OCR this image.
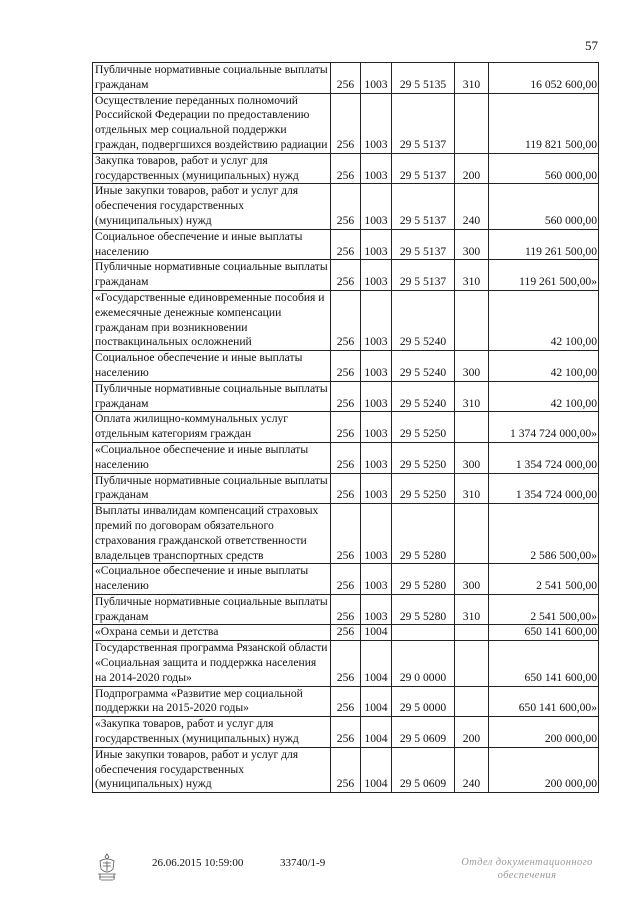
57
Публичные нормативные социальные выплаты гражданам	256	1003	29 5 5135	310	16 052 600,00
Осуществление переданных полномочий Российской Федерации по предоставлению отдельных мер социальной поддержки граждан, подвергшихся воздействию радиации	256	1003	29 5 5137		119 821 500,00
Закупка товаров, работ и услуг для государственных (муниципальных) нужд	256	1003	29 5 5137	200	560 000,00
Иные закупки товаров, работ и услуг для обеспечения государственных (муниципальных) нужд	256	1003	29 5 5137	240	560 000,00
Социальное обеспечение и иные выплаты населению	256	1003	29 5 5137	300	119 261 500,00
Публичные нормативные социальные выплаты гражданам	256	1003	29 5 5137	310	119 261 500,00»
«Государственные единовременные пособия и ежемесячные денежные компенсации гражданам при возникновении поствакцинальных осложнений	256	1003	29 5 5240		42 100,00
Социальное обеспечение и иные выплаты населению	256	1003	29 5 5240	300	42 100,00
Публичные нормативные социальные выплаты гражданам	256	1003	29 5 5240	310	42 100,00
Оплата жилищно-коммунальных услуг отдельным категориям граждан	256	1003	29 5 5250		1 374 724 000,00»
«Социальное обеспечение и иные выплаты населению	256	1003	29 5 5250	300	1 354 724 000,00
Публичные нормативные социальные выплаты гражданам	256	1003	29 5 5250	310	1 354 724 000,00
Выплаты инвалидам компенсаций страховых премий по договорам обязательного страхования гражданской ответственности владельцев транспортных средств	256	1003	29 5 5280		2 586 500,00»
«Социальное обеспечение и иные выплаты населению	256	1003	29 5 5280	300	2 541 500,00
Публичные нормативные социальные выплаты гражданам	256	1003	29 5 5280	310	2 541 500,00»
«Охрана семьи и детства	256	1004			650 141 600,00
Государственная программа Рязанской области «Социальная защита и поддержка населения на 2014-2020 годы»	256	1004	29 0 0000		650 141 600,00
Подпрограмма «Развитие мер социальной поддержки на 2015-2020 годы»	256	1004	29 5 0000		650 141 600,00»
«Закупка товаров, работ и услуг для государственных (муниципальных) нужд	256	1004	29 5 0609	200	200 000,00
Иные закупки товаров, работ и услуг для обеспечения государственных (муниципальных) нужд	256	1004	29 5 0609	240	200 000,00
26.06.2015 10:59:00	33740/1-9	Отдел документационного
обеспечения
